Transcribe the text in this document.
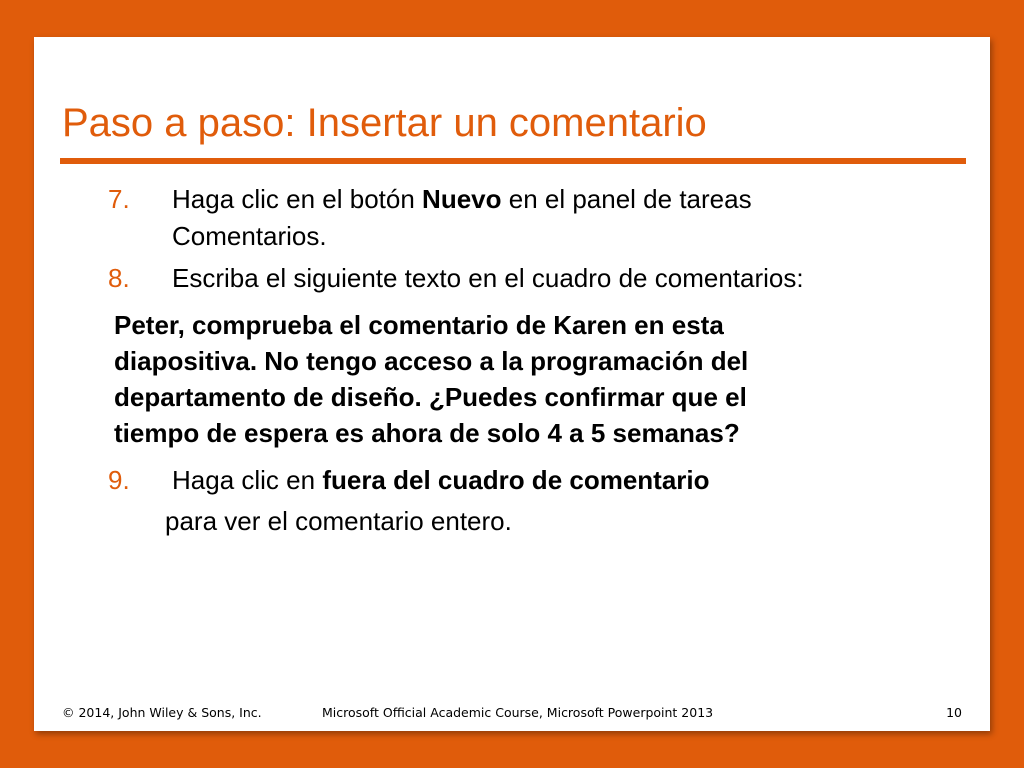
Paso a paso: Insertar un comentario
7. Haga clic en el botón Nuevo en el panel de tareas
Comentarios.
8. Escriba el siguiente texto en el cuadro de comentarios:
Peter, comprueba el comentario de Karen en esta
diapositiva. No tengo acceso a la programación del
departamento de diseño. ¿Puedes confirmar que el
tiempo de espera es ahora de solo 4 a 5 semanas?
9. Haga clic en fuera del cuadro de comentario
para ver el comentario entero.
© 2014, John Wiley & Sons, Inc.	Microsoft Official Academic Course, Microsoft Powerpoint 2013	10
